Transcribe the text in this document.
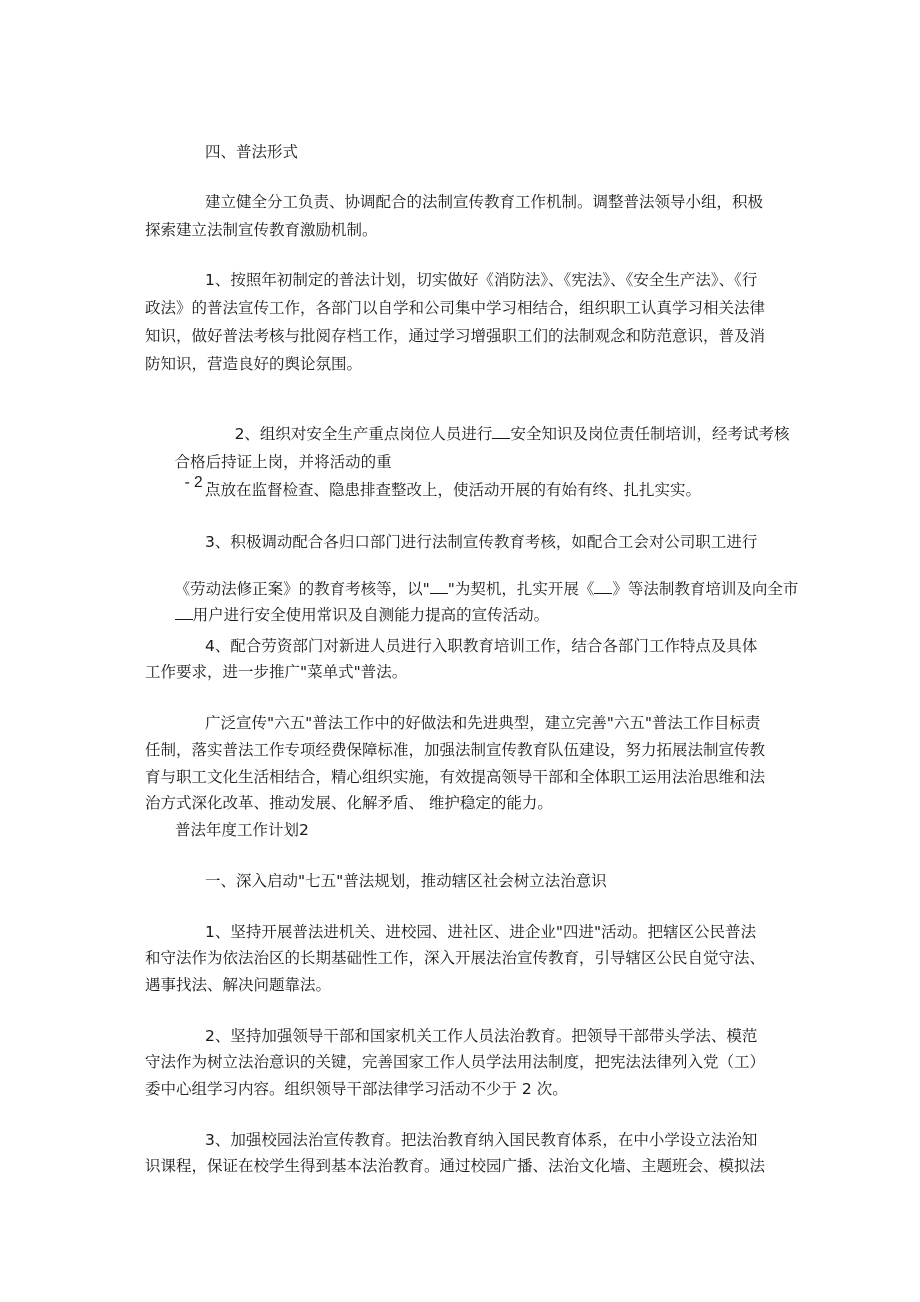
四、普法形式
建立健全分工负责、协调配合的法制宣传教育工作机制。调整普法领导小组，积极
探索建立法制宣传教育激励机制。
1、按照年初制定的普法计划，切实做好《消防法》、《宪法》、《安全生产法》、《行
政法》的普法宣传工作，各部门以自学和公司集中学习相结合，组织职工认真学习相关法律
知识，做好普法考核与批阅存档工作，通过学习增强职工们的法制观念和防范意识，普及消
防知识，营造良好的舆论氛围。

2、组织对安全生产重点岗位人员进行 安全知识及岗位责任制培训，经考试考核

合格后持证上岗，并将活动的重
- 2 -

点放在监督检查、隐患排查整改上，使活动开展的有始有终、扎扎实实。
3、积极调动配合各归口部门进行法制宣传教育考核，如配合工会对公司职工进行

《劳动法修正案》的教育考核等，以" "为契机，扎实开展《 》等法制教育培训及向全市

用户进行安全使用常识及自测能力提高的宣传活动。

4、配合劳资部门对新进人员进行入职教育培训工作，结合各部门工作特点及具体
工作要求，进一步推广"菜单式"普法。
广泛宣传"六五"普法工作中的好做法和先进典型，建立完善"六五"普法工作目标责
任制，落实普法工作专项经费保障标准，加强法制宣传教育队伍建设，努力拓展法制宣传教
育与职工文化生活相结合，精心组织实施，有效提高领导干部和全体职工运用法治思维和法
治方式深化改革、推动发展、化解矛盾、 维护稳定的能力。
普法年度工作计划2
一、深入启动"七五"普法规划，推动辖区社会树立法治意识
1、坚持开展普法进机关、进校园、进社区、进企业"四进"活动。把辖区公民普法
和守法作为依法治区的长期基础性工作，深入开展法治宣传教育，引导辖区公民自觉守法、
遇事找法、解决问题靠法。
2、坚持加强领导干部和国家机关工作人员法治教育。把领导干部带头学法、模范
守法作为树立法治意识的关键，完善国家工作人员学法用法制度，把宪法法律列入党（工）
委中心组学习内容。组织领导干部法律学习活动不少于 2 次。
3、加强校园法治宣传教育。把法治教育纳入国民教育体系，在中小学设立法治知
识课程，保证在校学生得到基本法治教育。通过校园广播、法治文化墙、主题班会、模拟法
